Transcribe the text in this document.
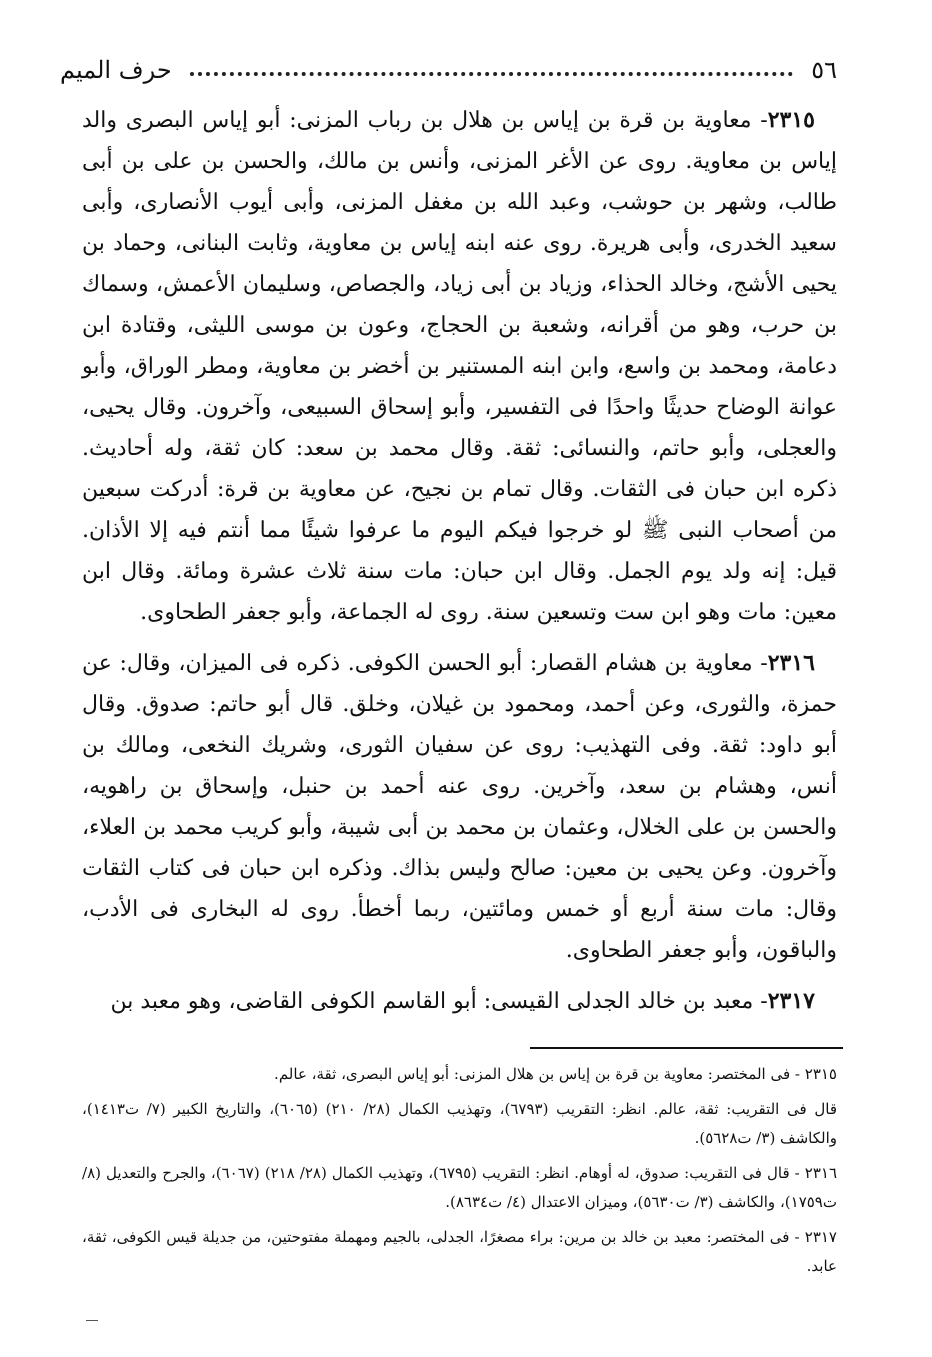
٥٦
حرف الميم

٢٣١٥- معاوية بن قرة بن إياس بن هلال بن رباب المزنى: أبو إياس البصرى والد إياس بن معاوية. روى عن الأغر المزنى، وأنس بن مالك، والحسن بن على بن أبى طالب، وشهر بن حوشب، وعبد الله بن مغفل المزنى، وأبى أيوب الأنصارى، وأبى سعيد الخدرى، وأبى هريرة. روى عنه ابنه إياس بن معاوية، وثابت البنانى، وحماد بن يحيى الأشج، وخالد الحذاء، وزياد بن أبى زياد، والجصاص، وسليمان الأعمش، وسماك بن حرب، وهو من أقرانه، وشعبة بن الحجاج، وعون بن موسى الليثى، وقتادة ابن دعامة، ومحمد بن واسع، وابن ابنه المستنير بن أخضر بن معاوية، ومطر الوراق، وأبو عوانة الوضاح حديثًا واحدًا فى التفسير، وأبو إسحاق السبيعى، وآخرون. وقال يحيى، والعجلى، وأبو حاتم، والنسائى: ثقة. وقال محمد بن سعد: كان ثقة، وله أحاديث. ذكره ابن حبان فى الثقات. وقال تمام بن نجيح، عن معاوية بن قرة: أدركت سبعين من أصحاب النبى ﷺ لو خرجوا فيكم اليوم ما عرفوا شيئًا مما أنتم فيه إلا الأذان. قيل: إنه ولد يوم الجمل. وقال ابن حبان: مات سنة ثلاث عشرة ومائة. وقال ابن معين: مات وهو ابن ست وتسعين سنة. روى له الجماعة، وأبو جعفر الطحاوى.

٢٣١٦- معاوية بن هشام القصار: أبو الحسن الكوفى. ذكره فى الميزان، وقال: عن حمزة، والثورى، وعن أحمد، ومحمود بن غيلان، وخلق. قال أبو حاتم: صدوق. وقال أبو داود: ثقة. وفى التهذيب: روى عن سفيان الثورى، وشريك النخعى، ومالك بن أنس، وهشام بن سعد، وآخرين. روى عنه أحمد بن حنبل، وإسحاق بن راهويه، والحسن بن على الخلال، وعثمان بن محمد بن أبى شيبة، وأبو كريب محمد بن العلاء، وآخرون. وعن يحيى بن معين: صالح وليس بذاك. وذكره ابن حبان فى كتاب الثقات وقال: مات سنة أربع أو خمس ومائتين، ربما أخطأ. روى له البخارى فى الأدب، والباقون، وأبو جعفر الطحاوى.

٢٣١٧- معبد بن خالد الجدلى القيسى: أبو القاسم الكوفى القاضى، وهو معبد بن

٢٣١٥ - فى المختصر: معاوية بن قرة بن إياس بن هلال المزنى: أبو إياس البصرى، ثقة، عالم.

قال فى التقريب: ثقة، عالم. انظر: التقريب (٦٧٩٣)، وتهذيب الكمال (٢٨/ ٢١٠) (٦٠٦٥)، والتاريخ الكبير (٧/ ت١٤١٣)، والكاشف (٣/ ت٥٦٢٨).

٢٣١٦ - قال فى التقريب: صدوق، له أوهام. انظر: التقريب (٦٧٩٥)، وتهذيب الكمال (٢٨/ ٢١٨) (٦٠٦٧)، والجرح والتعديل (٨/ ت١٧٥٩)، والكاشف (٣/ ت٥٦٣٠)، وميزان الاعتدال (٤/ ت٨٦٣٤).

٢٣١٧ - فى المختصر: معبد بن خالد بن مرين: براء مصغرًا، الجدلى، بالجيم ومهملة مفتوحتين، من جديلة قيس الكوفى، ثقة، عابد.
